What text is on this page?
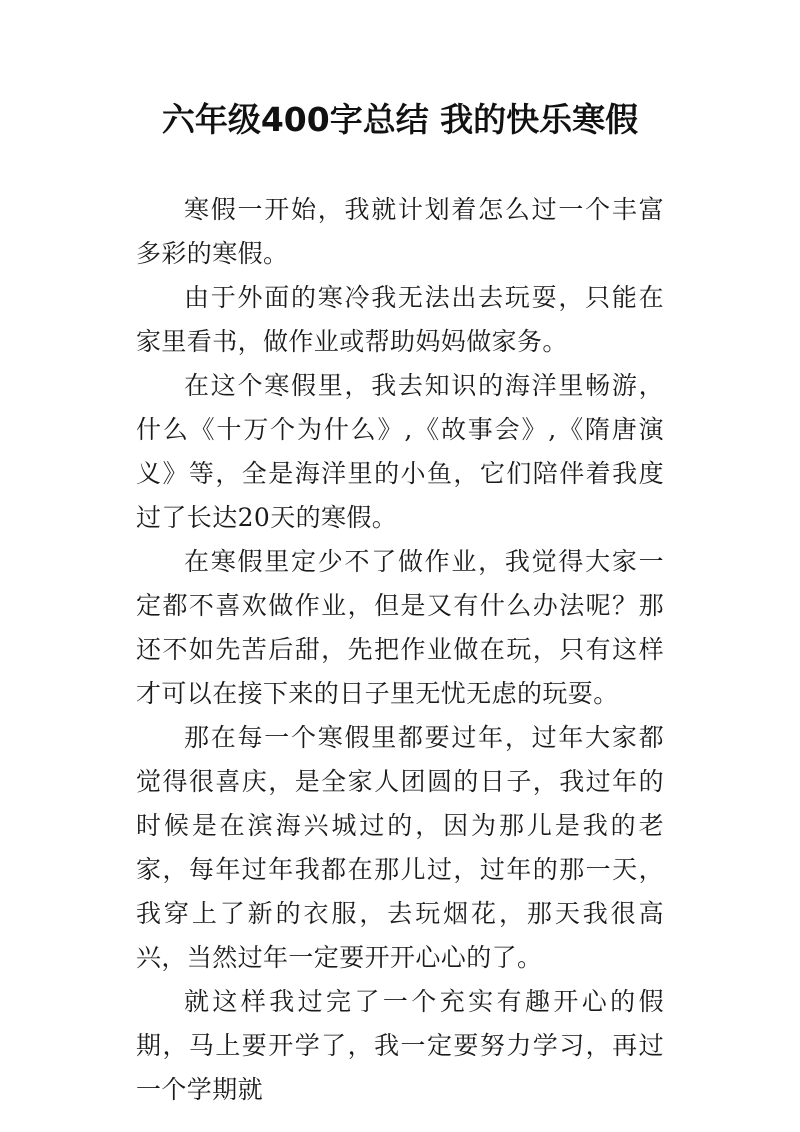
六年级400字总结 我的快乐寒假

寒假一开始，我就计划着怎么过一个丰富多彩的寒假。

由于外面的寒冷我无法出去玩耍，只能在家里看书，做作业或帮助妈妈做家务。

在这个寒假里，我去知识的海洋里畅游，什么《十万个为什么》,《故事会》,《隋唐演义》等，全是海洋里的小鱼，它们陪伴着我度过了长达20天的寒假。

在寒假里定少不了做作业，我觉得大家一定都不喜欢做作业，但是又有什么办法呢？那还不如先苦后甜，先把作业做在玩，只有这样才可以在接下来的日子里无忧无虑的玩耍。

那在每一个寒假里都要过年，过年大家都觉得很喜庆，是全家人团圆的日子，我过年的时候是在滨海兴城过的，因为那儿是我的老家，每年过年我都在那儿过，过年的那一天，我穿上了新的衣服，去玩烟花，那天我很高兴，当然过年一定要开开心心的了。

就这样我过完了一个充实有趣开心的假期，马上要开学了，我一定要努力学习，再过一个学期就
